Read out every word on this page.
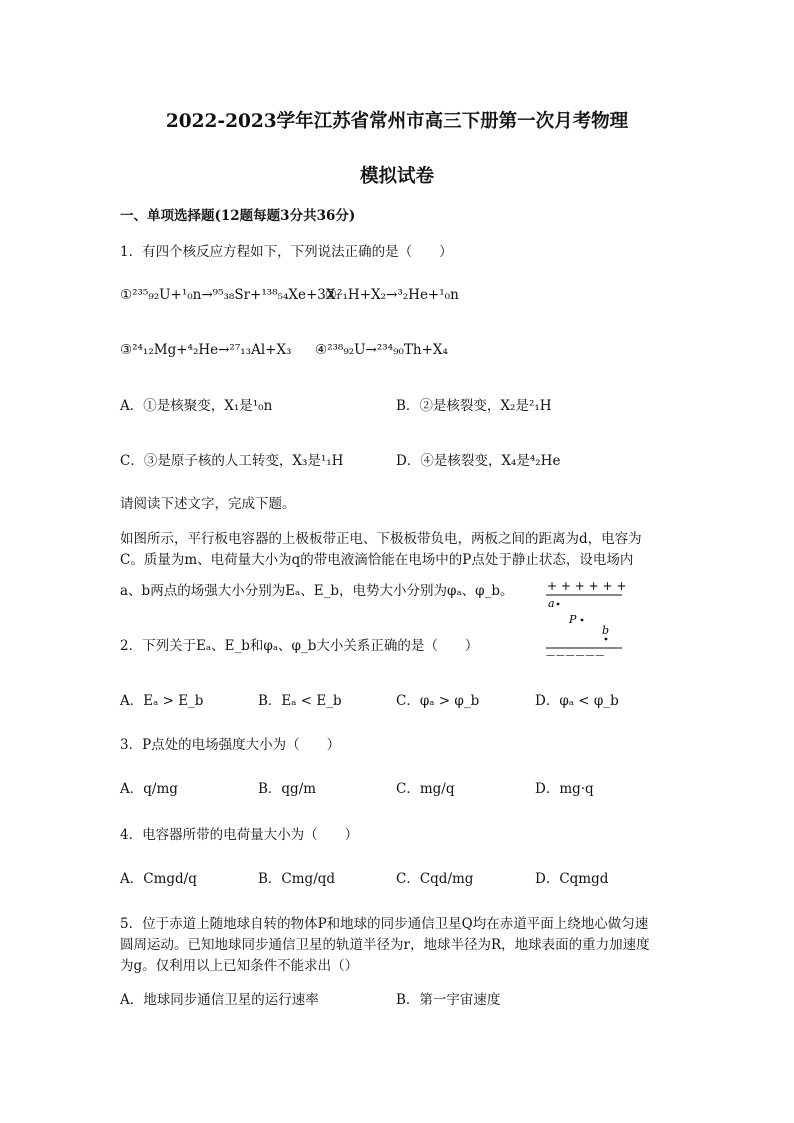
2022-2023学年江苏省常州市高三下册第一次月考物理
模拟试卷
一、单项选择题(12题每题3分共36分)
1．有四个核反应方程如下，下列说法正确的是（　　）
①²³⁵₉₂U+¹₀n→⁹⁵₃₈Sr+¹³⁸₅₄Xe+3X₁
②²₁H+X₂→³₂He+¹₀n
③²⁴₁₂Mg+⁴₂He→²⁷₁₃Al+X₃ ④²³⁸₉₂U→²³⁴₉₀Th+X₄
A．①是核聚变，X₁是¹₀n	B．②是核裂变，X₂是²₁H
C．③是原子核的人工转变，X₃是¹₁H	D．④是核裂变，X₄是⁴₂He
请阅读下述文字，完成下题。
如图所示，平行板电容器的上极板带正电、下极板带负电，两板之间的距离为d，电容为
C。质量为m、电荷量大小为q的带电液滴恰能在电场中的P点处于静止状态，设电场内
a、b两点的场强大小分别为Eₐ、E_b，电势大小分别为φₐ、φ_b。	+ + + + + +
a
P
b
— — — — — —
2．下列关于Eₐ、E_b和φₐ、φ_b大小关系正确的是（　　）
A．Eₐ > E_b	B．Eₐ < E_b	C．φₐ > φ_b	D．φₐ < φ_b
3．P点处的电场强度大小为（　　）
A．q/mg	B．qg/m	C．mg/q	D．mg·q
4．电容器所带的电荷量大小为（　　）
A．Cmgd/q	B．Cmg/qd	C．Cqd/mg	D．Cqmgd
5．位于赤道上随地球自转的物体P和地球的同步通信卫星Q均在赤道平面上绕地心做匀速
圆周运动。已知地球同步通信卫星的轨道半径为r，地球半径为R，地球表面的重力加速度
为g。仅利用以上已知条件不能求出（）
A．地球同步通信卫星的运行速率	B．第一宇宙速度
